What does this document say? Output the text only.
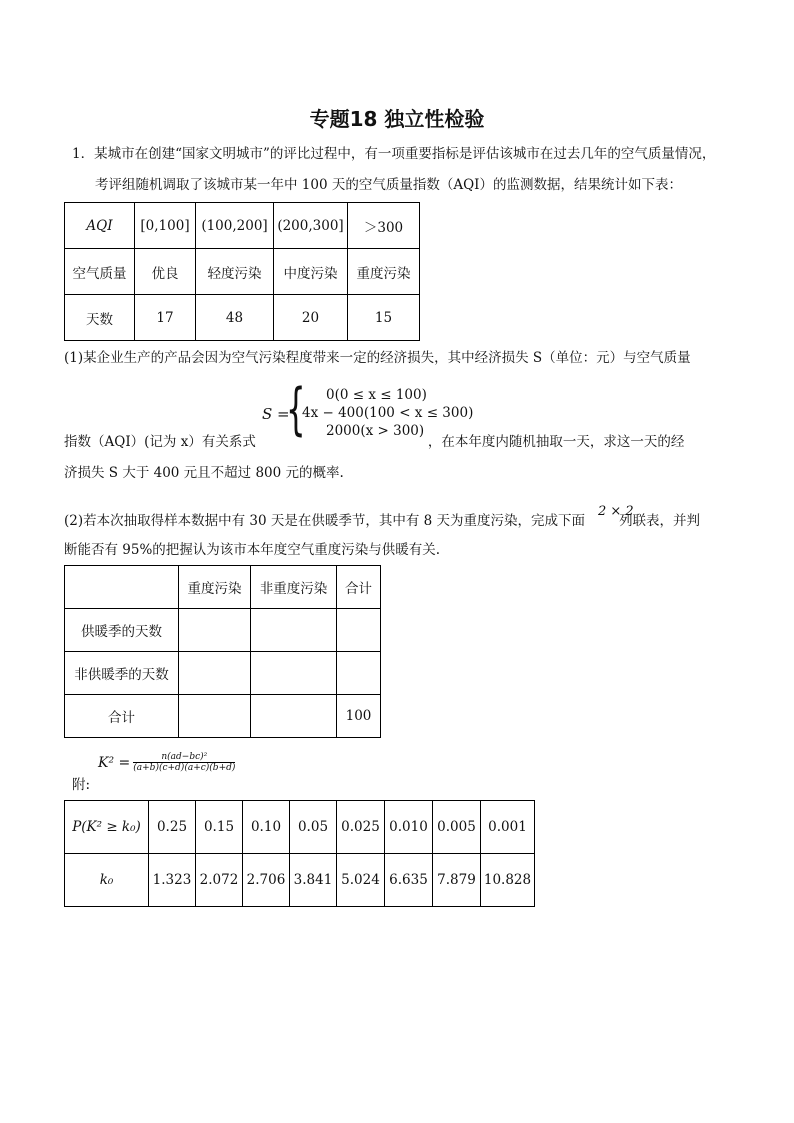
专题18 独立性检验
1．某城市在创建“国家文明城市”的评比过程中，有一项重要指标是评估该城市在过去几年的空气质量情况，
考评组随机调取了该城市某一年中 100 天的空气质量指数（AQI）的监测数据，结果统计如下表：
AQI	[0,100]	(100,200]	(200,300]	＞300
空气质量	优良	轻度污染	中度污染	重度污染
天数	17	48	20	15
(1)某企业生产的产品会因为空气污染程度带来一定的经济损失，其中经济损失 S（单位：元）与空气质量
S =
{ 0(0 ≤ x ≤ 100)
4x − 400(100 < x ≤ 300)
2000(x > 300)
指数（AQI）(记为 x）有关系式	，在本年度内随机抽取一天，求这一天的经
济损失 S 大于 400 元且不超过 800 元的概率.
(2)若本次抽取得样本数据中有 30 天是在供暖季节，其中有 8 天为重度污染，完成下面	列联表，并判
2 × 2
断能否有 95%的把握认为该市本年度空气重度污染与供暖有关.
	重度污染	非重度污染	合计
供暖季的天数			
非供暖季的天数			
合计			100
$K^2 = \frac{\text{n(ad−bc)²}}{(a+b)(c+d)(a+c)(b+d)}$
附:
P(K² ≥ k₀)	0.25	0.15	0.10	0.05	0.025	0.010	0.005	0.001
k₀	1.323	2.072	2.706	3.841	5.024	6.635	7.879	10.828
